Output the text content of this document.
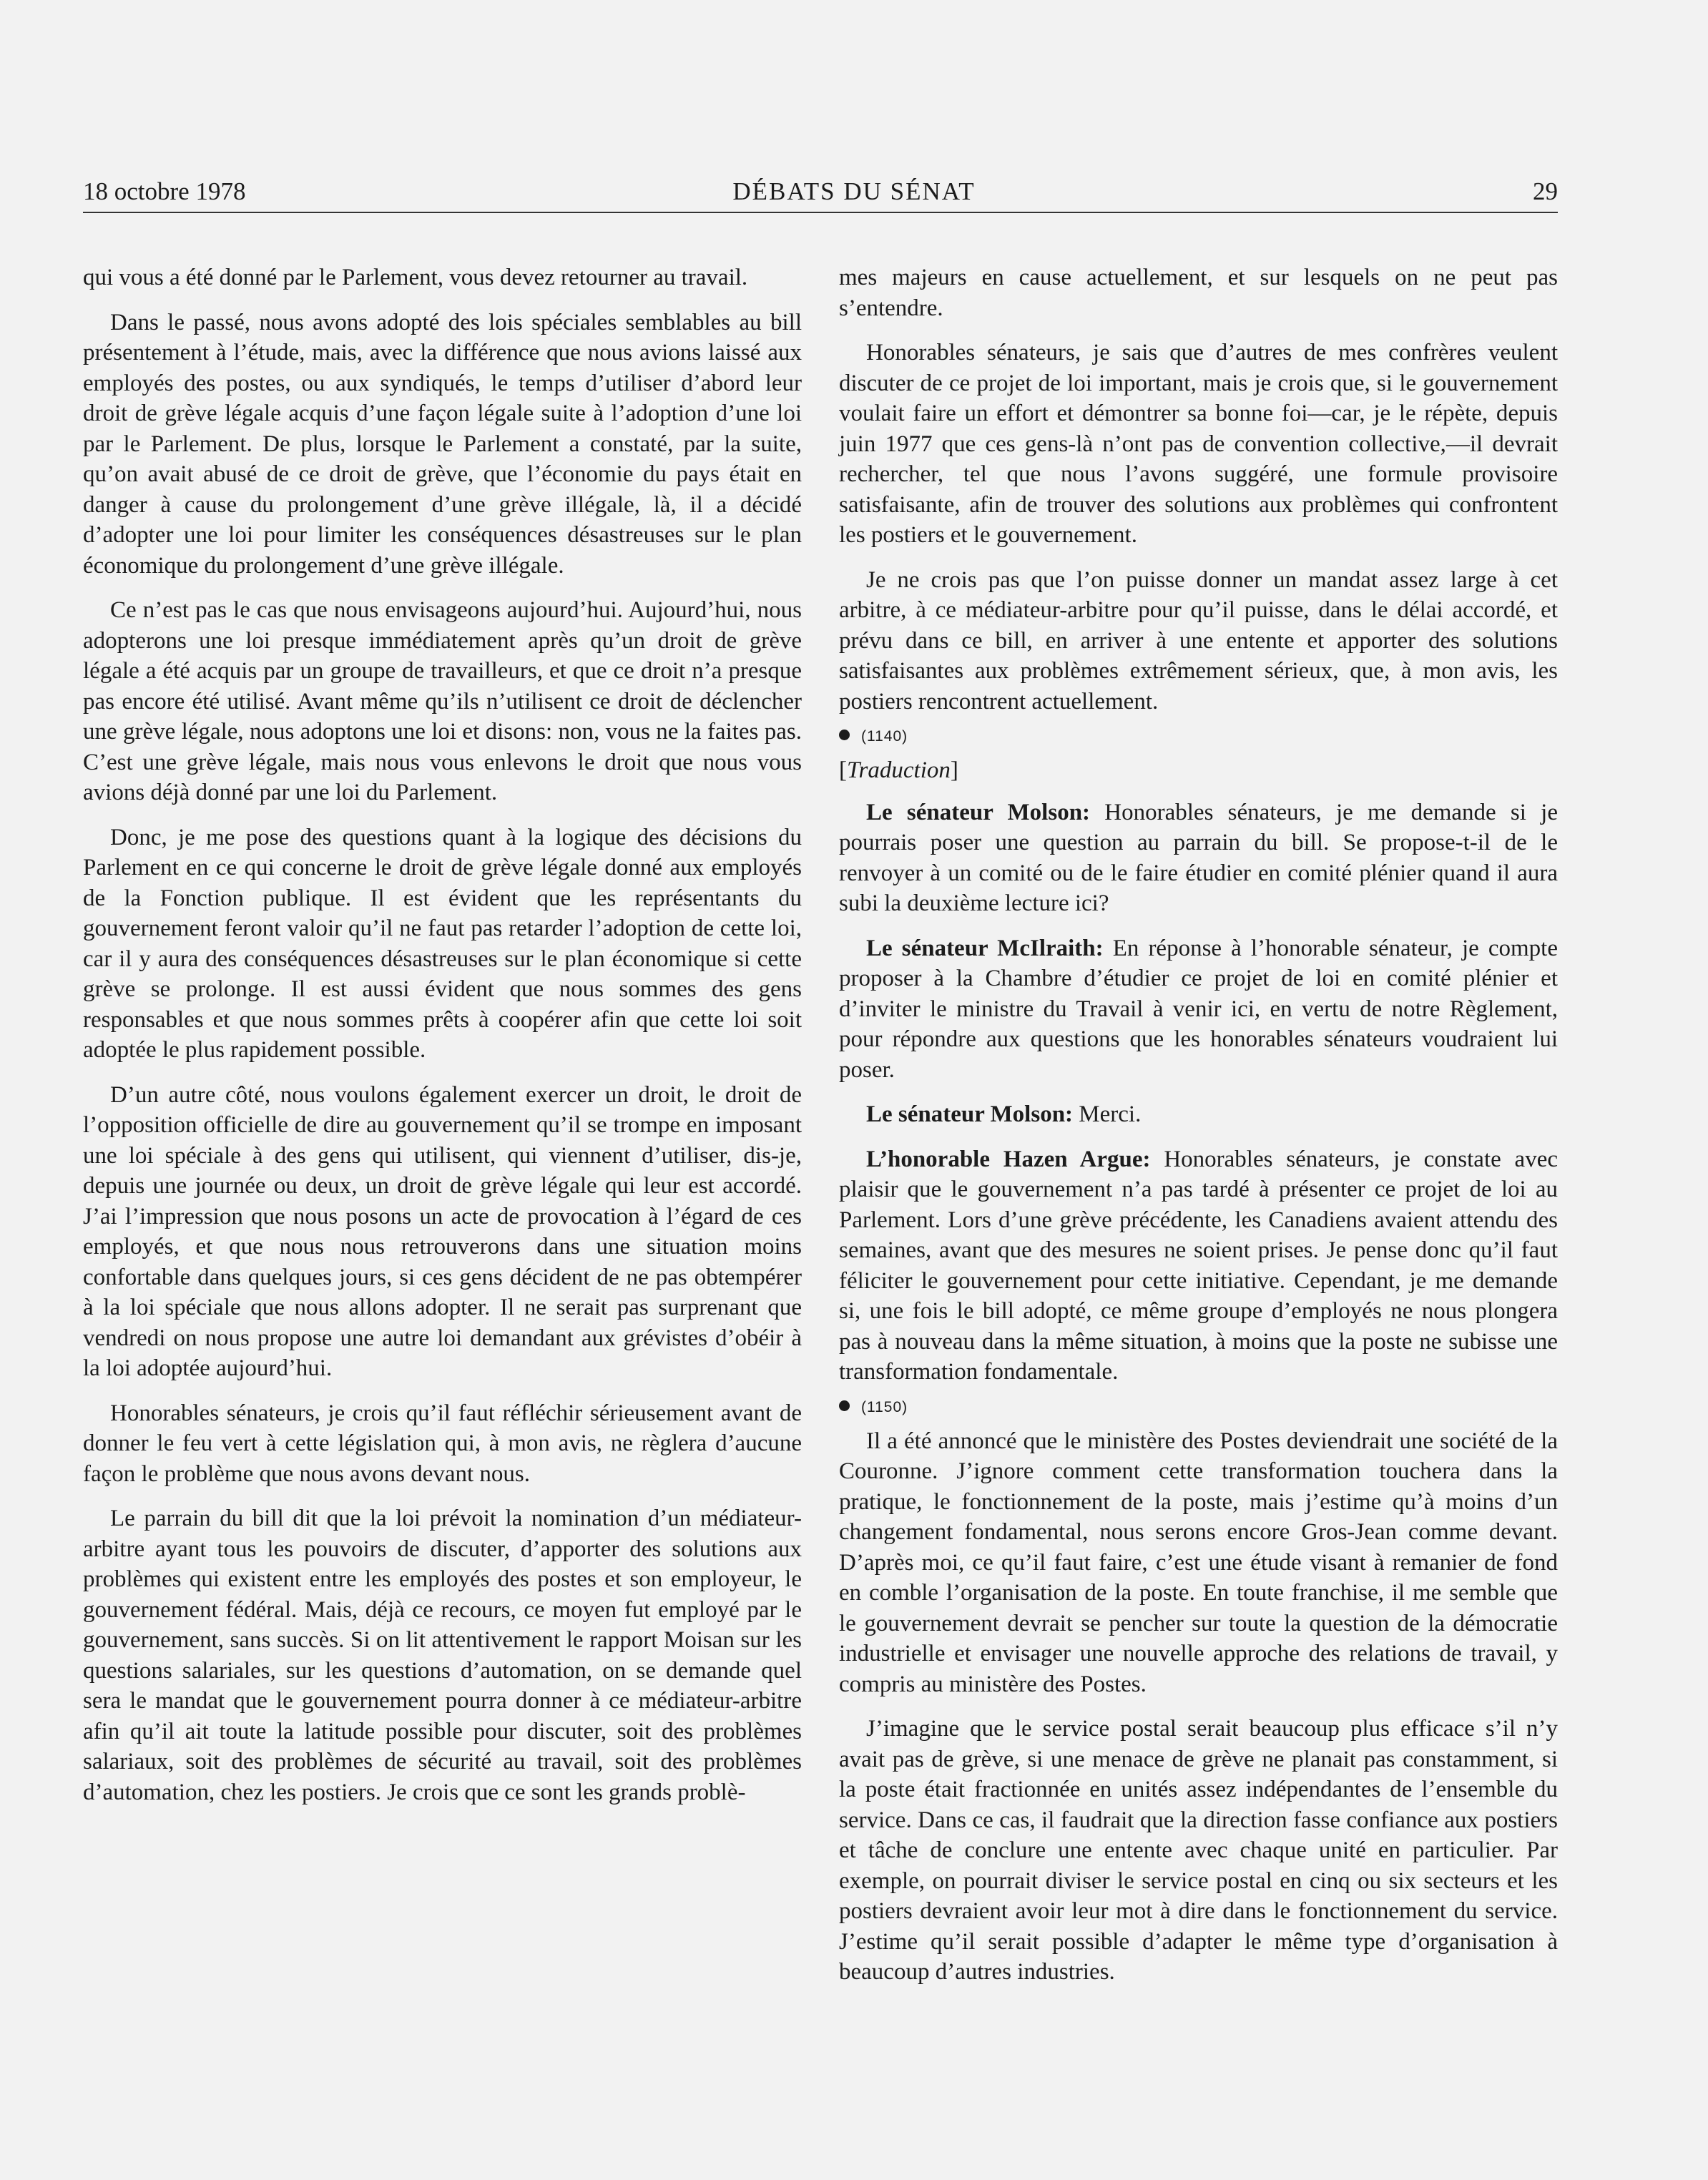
18 octobre 1978	DÉBATS DU SÉNAT	29

qui vous a été donné par le Parlement, vous devez retourner au travail.

Dans le passé, nous avons adopté des lois spéciales semblables au bill présentement à l’étude, mais, avec la différence que nous avions laissé aux employés des postes, ou aux syndiqués, le temps d’utiliser d’abord leur droit de grève légale acquis d’une façon légale suite à l’adoption d’une loi par le Parlement. De plus, lorsque le Parlement a constaté, par la suite, qu’on avait abusé de ce droit de grève, que l’économie du pays était en danger à cause du prolongement d’une grève illégale, là, il a décidé d’adopter une loi pour limiter les conséquences désastreuses sur le plan économique du prolongement d’une grève illégale.

Ce n’est pas le cas que nous envisageons aujourd’hui. Aujourd’hui, nous adopterons une loi presque immédiatement après qu’un droit de grève légale a été acquis par un groupe de travailleurs, et que ce droit n’a presque pas encore été utilisé. Avant même qu’ils n’utilisent ce droit de déclencher une grève légale, nous adoptons une loi et disons: non, vous ne la faites pas. C’est une grève légale, mais nous vous enlevons le droit que nous vous avions déjà donné par une loi du Parlement.

Donc, je me pose des questions quant à la logique des décisions du Parlement en ce qui concerne le droit de grève légale donné aux employés de la Fonction publique. Il est évident que les représentants du gouvernement feront valoir qu’il ne faut pas retarder l’adoption de cette loi, car il y aura des conséquences désastreuses sur le plan économique si cette grève se prolonge. Il est aussi évident que nous sommes des gens responsables et que nous sommes prêts à coopérer afin que cette loi soit adoptée le plus rapidement possible.

D’un autre côté, nous voulons également exercer un droit, le droit de l’opposition officielle de dire au gouvernement qu’il se trompe en imposant une loi spéciale à des gens qui utilisent, qui viennent d’utiliser, dis-je, depuis une journée ou deux, un droit de grève légale qui leur est accordé. J’ai l’impression que nous posons un acte de provocation à l’égard de ces employés, et que nous nous retrouverons dans une situation moins confortable dans quelques jours, si ces gens décident de ne pas obtempérer à la loi spéciale que nous allons adopter. Il ne serait pas surprenant que vendredi on nous propose une autre loi demandant aux grévistes d’obéir à la loi adoptée aujourd’hui.

Honorables sénateurs, je crois qu’il faut réfléchir sérieusement avant de donner le feu vert à cette législation qui, à mon avis, ne règlera d’aucune façon le problème que nous avons devant nous.

Le parrain du bill dit que la loi prévoit la nomination d’un médiateur-arbitre ayant tous les pouvoirs de discuter, d’apporter des solutions aux problèmes qui existent entre les employés des postes et son employeur, le gouvernement fédéral. Mais, déjà ce recours, ce moyen fut employé par le gouvernement, sans succès. Si on lit attentivement le rapport Moisan sur les questions salariales, sur les questions d’automation, on se demande quel sera le mandat que le gouvernement pourra donner à ce médiateur-arbitre afin qu’il ait toute la latitude possible pour discuter, soit des problèmes salariaux, soit des problèmes de sécurité au travail, soit des problèmes d’automation, chez les postiers. Je crois que ce sont les grands problè-

mes majeurs en cause actuellement, et sur lesquels on ne peut pas s’entendre.

Honorables sénateurs, je sais que d’autres de mes confrères veulent discuter de ce projet de loi important, mais je crois que, si le gouvernement voulait faire un effort et démontrer sa bonne foi—car, je le répète, depuis juin 1977 que ces gens-là n’ont pas de convention collective,—il devrait rechercher, tel que nous l’avons suggéré, une formule provisoire satisfaisante, afin de trouver des solutions aux problèmes qui confrontent les postiers et le gouvernement.

Je ne crois pas que l’on puisse donner un mandat assez large à cet arbitre, à ce médiateur-arbitre pour qu’il puisse, dans le délai accordé, et prévu dans ce bill, en arriver à une entente et apporter des solutions satisfaisantes aux problèmes extrêmement sérieux, que, à mon avis, les postiers rencontrent actuellement.

(1140)
[Traduction]

Le sénateur Molson: Honorables sénateurs, je me demande si je pourrais poser une question au parrain du bill. Se propose-t-il de le renvoyer à un comité ou de le faire étudier en comité plénier quand il aura subi la deuxième lecture ici?

Le sénateur McIlraith: En réponse à l’honorable sénateur, je compte proposer à la Chambre d’étudier ce projet de loi en comité plénier et d’inviter le ministre du Travail à venir ici, en vertu de notre Règlement, pour répondre aux questions que les honorables sénateurs voudraient lui poser.

Le sénateur Molson: Merci.

L’honorable Hazen Argue: Honorables sénateurs, je constate avec plaisir que le gouvernement n’a pas tardé à présenter ce projet de loi au Parlement. Lors d’une grève précédente, les Canadiens avaient attendu des semaines, avant que des mesures ne soient prises. Je pense donc qu’il faut féliciter le gouvernement pour cette initiative. Cependant, je me demande si, une fois le bill adopté, ce même groupe d’employés ne nous plongera pas à nouveau dans la même situation, à moins que la poste ne subisse une transformation fondamentale.

(1150)

Il a été annoncé que le ministère des Postes deviendrait une société de la Couronne. J’ignore comment cette transformation touchera dans la pratique, le fonctionnement de la poste, mais j’estime qu’à moins d’un changement fondamental, nous serons encore Gros-Jean comme devant. D’après moi, ce qu’il faut faire, c’est une étude visant à remanier de fond en comble l’organisation de la poste. En toute franchise, il me semble que le gouvernement devrait se pencher sur toute la question de la démocratie industrielle et envisager une nouvelle approche des relations de travail, y compris au ministère des Postes.

J’imagine que le service postal serait beaucoup plus efficace s’il n’y avait pas de grève, si une menace de grève ne planait pas constamment, si la poste était fractionnée en unités assez indépendantes de l’ensemble du service. Dans ce cas, il faudrait que la direction fasse confiance aux postiers et tâche de conclure une entente avec chaque unité en particulier. Par exemple, on pourrait diviser le service postal en cinq ou six secteurs et les postiers devraient avoir leur mot à dire dans le fonctionnement du service. J’estime qu’il serait possible d’adapter le même type d’organisation à beaucoup d’autres industries.
